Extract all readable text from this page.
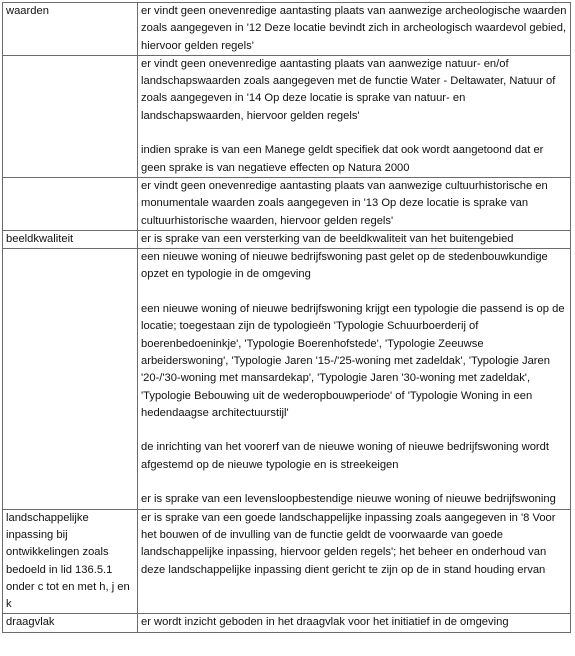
waarden	er vindt geen onevenredige aantasting plaats van aanwezige archeologische waarden zoals aangegeven in '12 Deze locatie bevindt zich in archeologisch waardevol gebied, hiervoor gelden regels'

	er vindt geen onevenredige aantasting plaats van aanwezige natuur- en/of landschapswaarden zoals aangegeven met de functie Water - Deltawater, Natuur of zoals aangegeven in '14 Op deze locatie is sprake van natuur- en landschapswaarden, hiervoor gelden regels'

indien sprake is van een Manege geldt specifiek dat ook wordt aangetoond dat er geen sprake is van negatieve effecten op Natura 2000

	er vindt geen onevenredige aantasting plaats van aanwezige cultuurhistorische en monumentale waarden zoals aangegeven in '13 Op deze locatie is sprake van cultuurhistorische waarden, hiervoor gelden regels'

beeldkwaliteit	er is sprake van een versterking van de beeldkwaliteit van het buitengebied

	een nieuwe woning of nieuwe bedrijfswoning past gelet op de stedenbouwkundige opzet en typologie in de omgeving

een nieuwe woning of nieuwe bedrijfswoning krijgt een typologie die passend is op de locatie; toegestaan zijn de typologieën 'Typologie Schuurboerderij of boerenbedoeninkje', 'Typologie Boerenhofstede', 'Typologie Zeeuwse arbeiderswoning', 'Typologie Jaren '15-/'25-woning met zadeldak', 'Typologie Jaren '20-/'30-woning met mansardekap', 'Typologie Jaren '30-woning met zadeldak', 'Typologie Bebouwing uit de wederopbouwperiode' of 'Typologie Woning in een hedendaagse architectuurstijl'

de inrichting van het voorerf van de nieuwe woning of nieuwe bedrijfswoning wordt afgestemd op de nieuwe typologie en is streekeigen

er is sprake van een levensloopbestendige nieuwe woning of nieuwe bedrijfswoning

landschappelijke inpassing bij ontwikkelingen zoals bedoeld in lid 136.5.1 onder c tot en met h, j en k	er is sprake van een goede landschappelijke inpassing zoals aangegeven in '8 Voor het bouwen of de invulling van de functie geldt de voorwaarde van goede landschappelijke inpassing, hiervoor gelden regels'; het beheer en onderhoud van deze landschappelijke inpassing dient gericht te zijn op de in stand houding ervan

draagvlak	er wordt inzicht geboden in het draagvlak voor het initiatief in de omgeving
